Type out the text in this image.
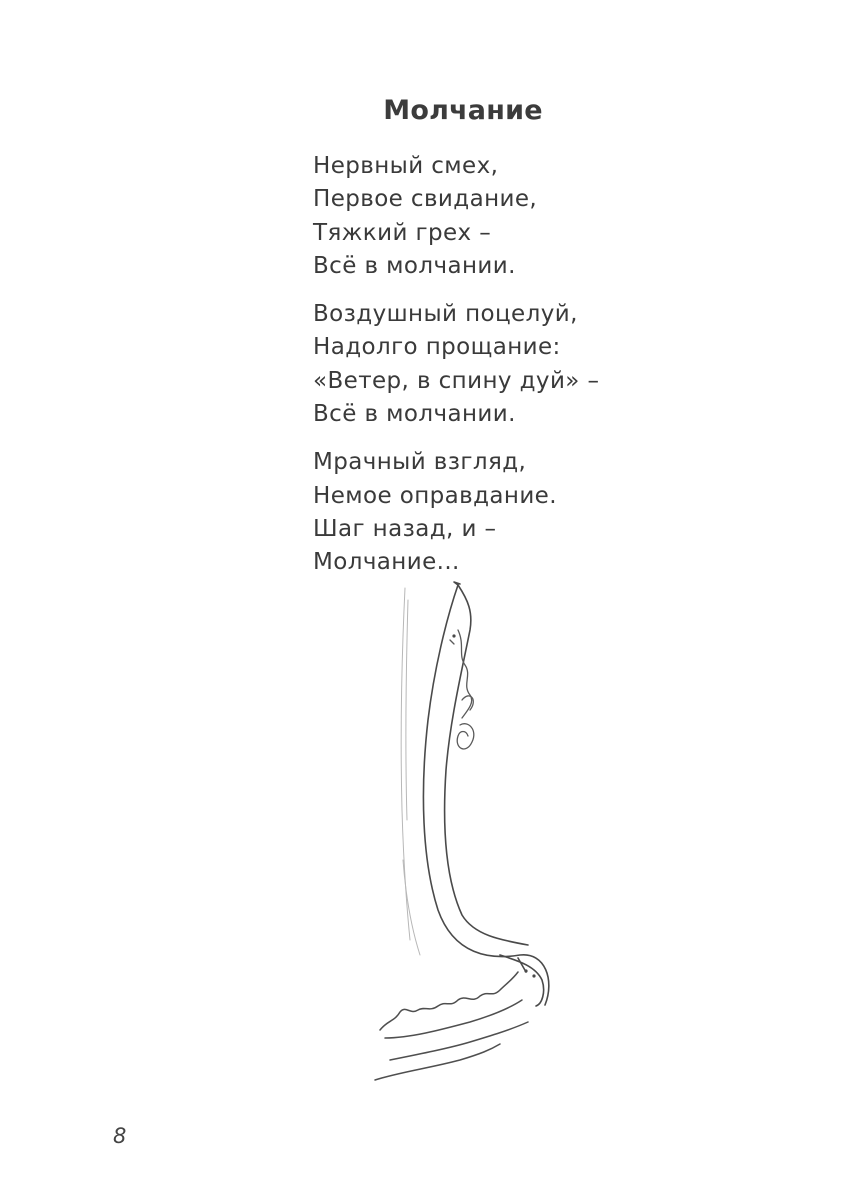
Молчание
Нервный смех,
Первое свидание,
Тяжкий грех –
Всё в молчании.
Воздушный поцелуй,
Надолго прощание:
«Ветер, в спину дуй» –
Всё в молчании.
Мрачный взгляд,
Немое оправдание.
Шаг назад, и –
Молчание...
8
